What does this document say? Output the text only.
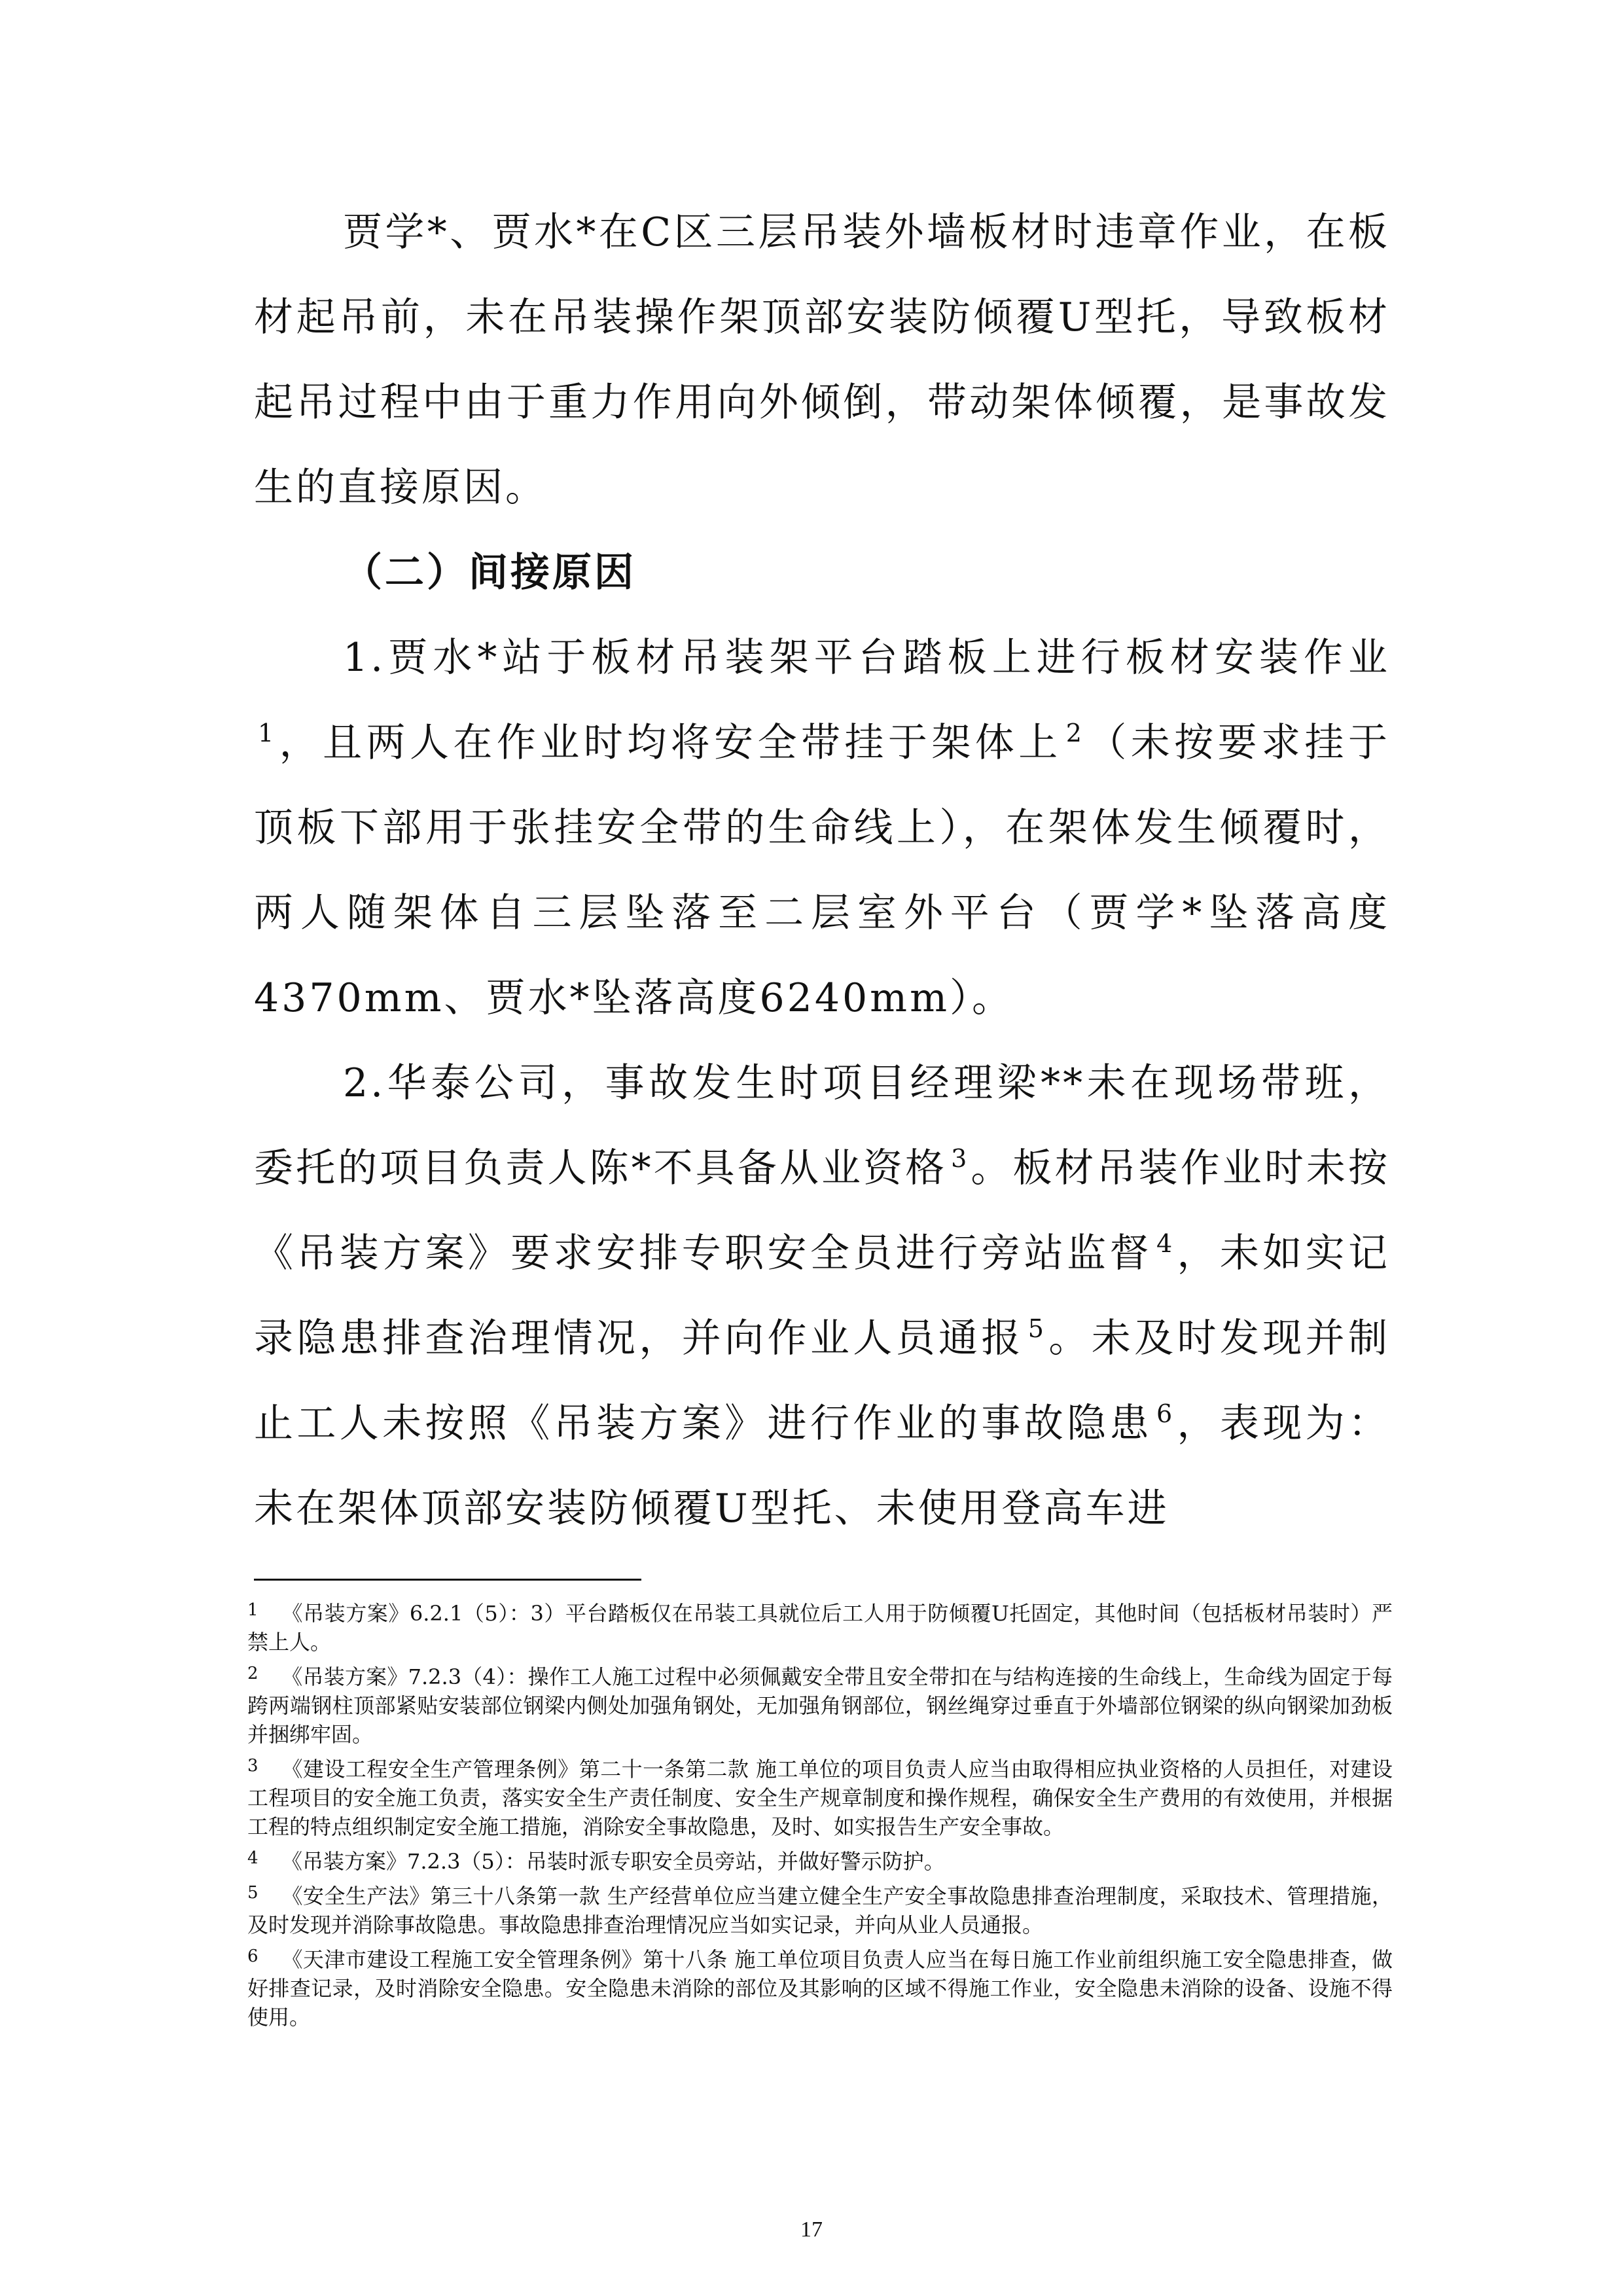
贾学*、贾水*在C区三层吊装外墙板材时违章作业，在板材起吊前，未在吊装操作架顶部安装防倾覆U型托，导致板材起吊过程中由于重力作用向外倾倒，带动架体倾覆，是事故发生的直接原因。

（二）间接原因

1.贾水*站于板材吊装架平台踏板上进行板材安装作业$^1$ ，且两人在作业时均将安全带挂于架体上 $^2$ （未按要求挂于顶板下部用于张挂安全带的生命线上），在架体发生倾覆时，两人随架体自三层坠落至二层室外平台（贾学*坠落高度4370mm、贾水*坠落高度6240mm）。

2.华泰公司，事故发生时项目经理梁**未在现场带班，委托的项目负责人陈*不具备从业资格 $^3$ 。板材吊装作业时未按《吊装方案》要求安排专职安全员进行旁站监督 $^4$ ，未如实记录隐患排查治理情况，并向作业人员通报 $^5$ 。未及时发现并制止工人未按照《吊装方案》进行作业的事故隐患 $^6$ ，表现为：未在架体顶部安装防倾覆U型托、未使用登高车进

1 《吊装方案》6.2.1（5）：3）平台踏板仅在吊装工具就位后工人用于防倾覆U托固定，其他时间（包括板材吊装时）严禁上人。

2 《吊装方案》7.2.3（4）：操作工人施工过程中必须佩戴安全带且安全带扣在与结构连接的生命线上，生命线为固定于每跨两端钢柱顶部紧贴安装部位钢梁内侧处加强角钢处，无加强角钢部位，钢丝绳穿过垂直于外墙部位钢梁的纵向钢梁加劲板并捆绑牢固。

3 《建设工程安全生产管理条例》第二十一条第二款 施工单位的项目负责人应当由取得相应执业资格的人员担任，对建设工程项目的安全施工负责，落实安全生产责任制度、安全生产规章制度和操作规程，确保安全生产费用的有效使用，并根据工程的特点组织制定安全施工措施，消除安全事故隐患，及时、如实报告生产安全事故。

4 《吊装方案》7.2.3（5）：吊装时派专职安全员旁站，并做好警示防护。

5 《安全生产法》第三十八条第一款 生产经营单位应当建立健全生产安全事故隐患排查治理制度，采取技术、管理措施，及时发现并消除事故隐患。事故隐患排查治理情况应当如实记录，并向从业人员通报。

6 《天津市建设工程施工安全管理条例》第十八条 施工单位项目负责人应当在每日施工作业前组织施工安全隐患排查，做好排查记录，及时消除安全隐患。安全隐患未消除的部位及其影响的区域不得施工作业，安全隐患未消除的设备、设施不得使用。

17
